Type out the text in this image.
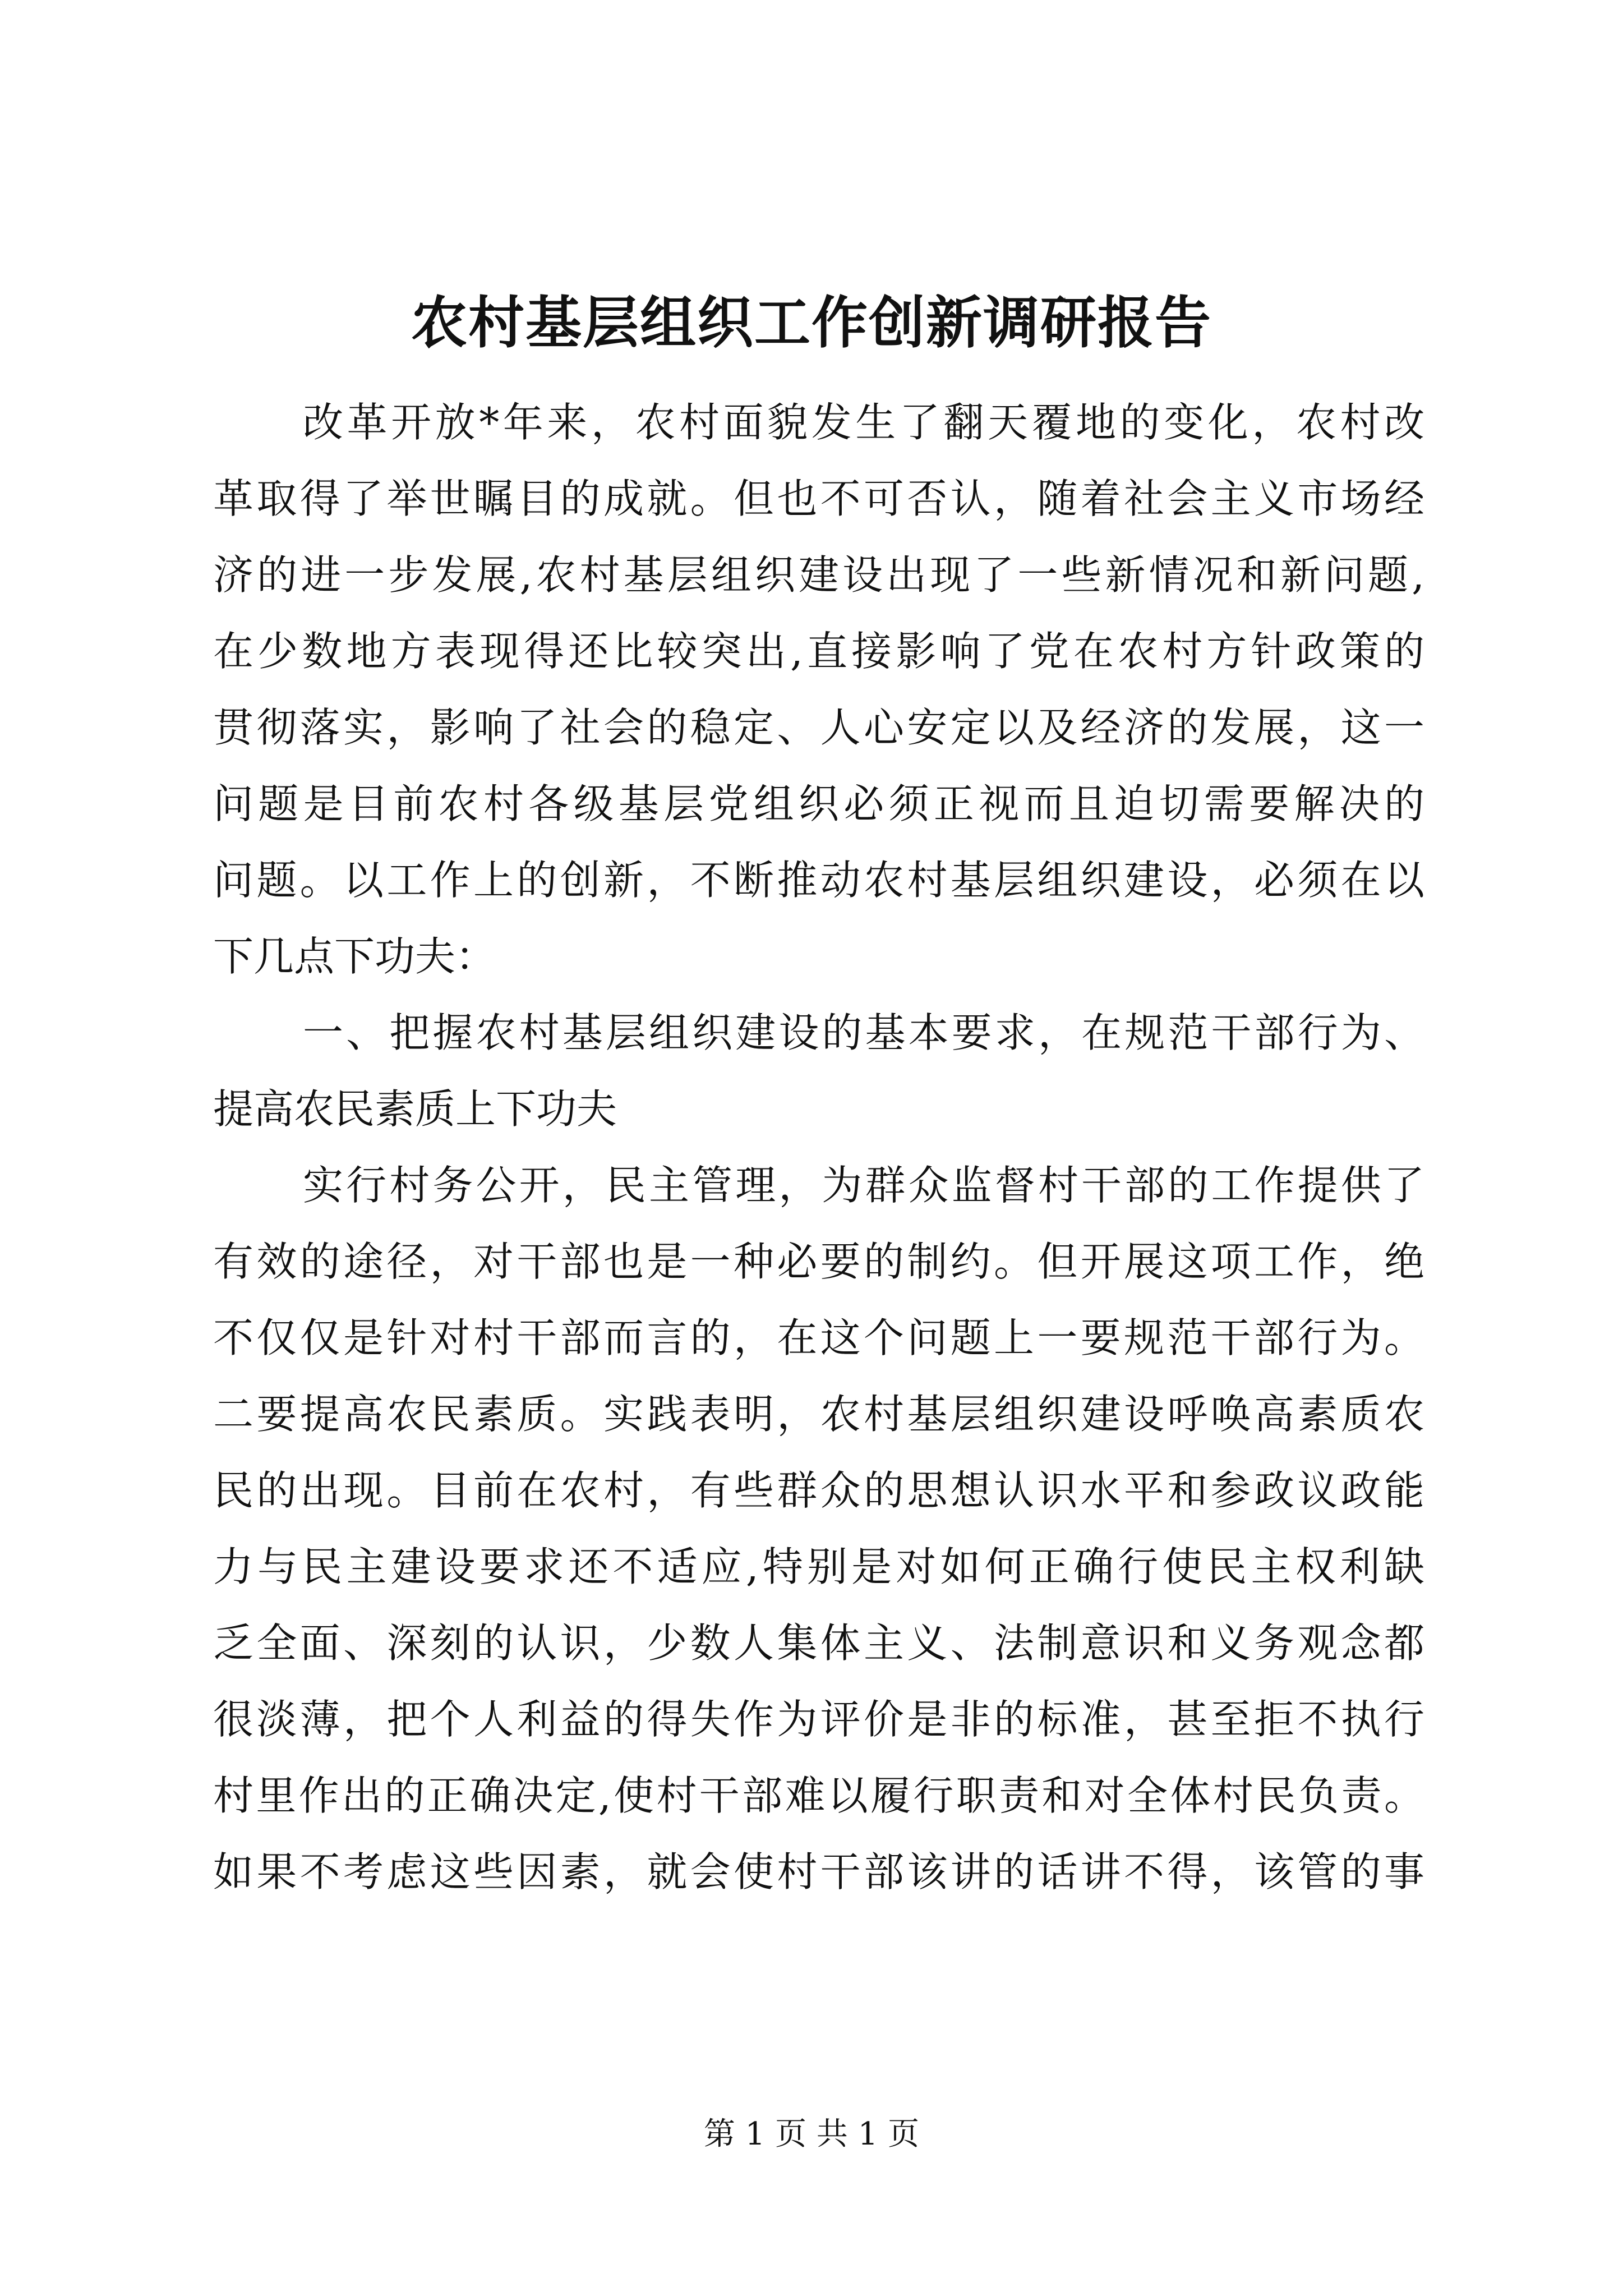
农村基层组织工作创新调研报告
改革开放*年来，农村面貌发生了翻天覆地的变化，农村改
革取得了举世瞩目的成就。但也不可否认，随着社会主义市场经
济的进一步发展,农村基层组织建设出现了一些新情况和新问题,
在少数地方表现得还比较突出,直接影响了党在农村方针政策的
贯彻落实，影响了社会的稳定、人心安定以及经济的发展，这一
问题是目前农村各级基层党组织必须正视而且迫切需要解决的
问题。以工作上的创新，不断推动农村基层组织建设，必须在以
下几点下功夫：
一、把握农村基层组织建设的基本要求，在规范干部行为、
提高农民素质上下功夫
实行村务公开，民主管理，为群众监督村干部的工作提供了
有效的途径，对干部也是一种必要的制约。但开展这项工作，绝
不仅仅是针对村干部而言的，在这个问题上一要规范干部行为。
二要提高农民素质。实践表明，农村基层组织建设呼唤高素质农
民的出现。目前在农村，有些群众的思想认识水平和参政议政能
力与民主建设要求还不适应,特别是对如何正确行使民主权利缺
乏全面、深刻的认识，少数人集体主义、法制意识和义务观念都
很淡薄，把个人利益的得失作为评价是非的标准，甚至拒不执行
村里作出的正确决定,使村干部难以履行职责和对全体村民负责。
如果不考虑这些因素，就会使村干部该讲的话讲不得，该管的事
第 1 页 共 1 页
